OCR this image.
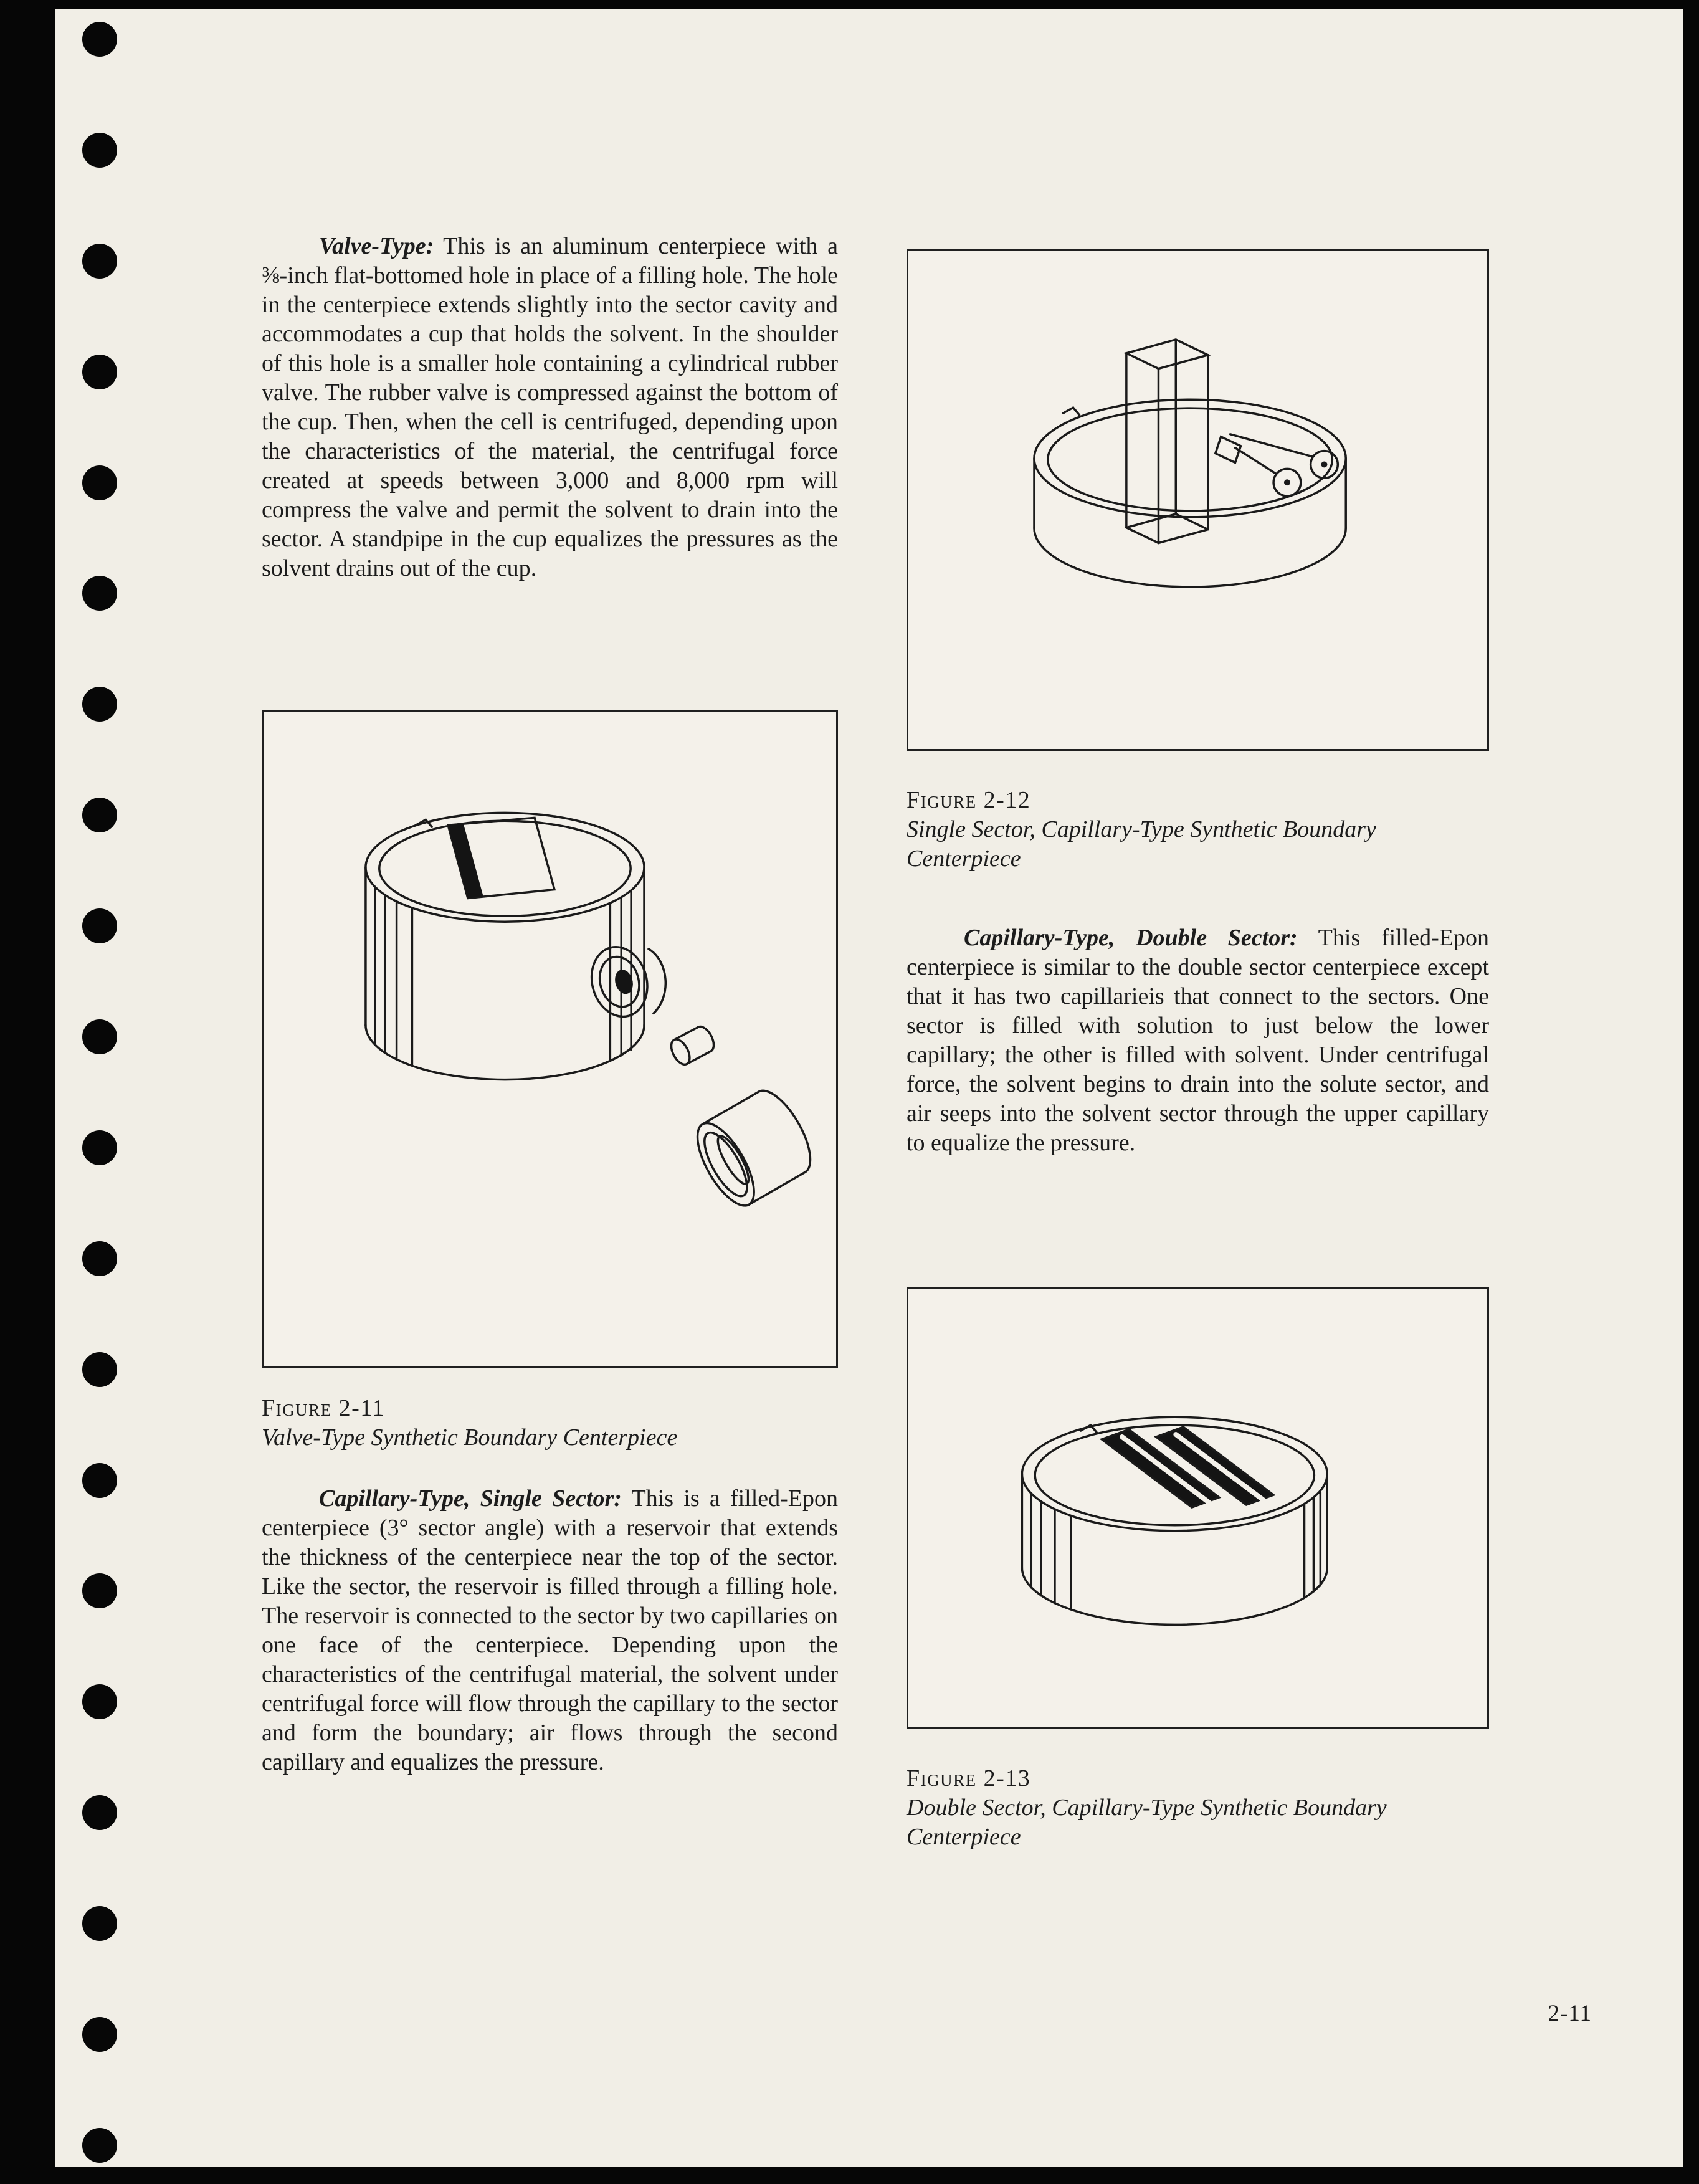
Valve-Type: This is an aluminum centerpiece with a ⅜-inch flat-bottomed hole in place of a filling hole. The hole in the centerpiece extends slightly into the sector cavity and accommodates a cup that holds the solvent. In the shoulder of this hole is a smaller hole containing a cylindrical rubber valve. The rubber valve is compressed against the bottom of the cup. Then, when the cell is centrifuged, depending upon the characteristics of the material, the centrifugal force created at speeds between 3,000 and 8,000 rpm will compress the valve and permit the solvent to drain into the sector. A standpipe in the cup equalizes the pressures as the solvent drains out of the cup.

Figure 2-11
Valve-Type Synthetic Boundary Centerpiece

Capillary-Type, Single Sector: This is a filled-Epon centerpiece (3° sector angle) with a reservoir that extends the thickness of the centerpiece near the top of the sector. Like the sector, the reservoir is filled through a filling hole. The reservoir is connected to the sector by two capillaries on one face of the centerpiece. Depending upon the characteristics of the centrifugal material, the solvent under centrifugal force will flow through the capillary to the sector and form the boundary; air flows through the second capillary and equalizes the pressure.

Figure 2-12
Single Sector, Capillary-Type Synthetic Boundary Centerpiece

Capillary-Type, Double Sector: This filled-Epon centerpiece is similar to the double sector centerpiece except that it has two capillarieis that connect to the sectors. One sector is filled with solution to just below the lower capillary; the other is filled with solvent. Under centrifugal force, the solvent begins to drain into the solute sector, and air seeps into the solvent sector through the upper capillary to equalize the pressure.

Figure 2-13
Double Sector, Capillary-Type Synthetic Boundary Centerpiece
2-11
